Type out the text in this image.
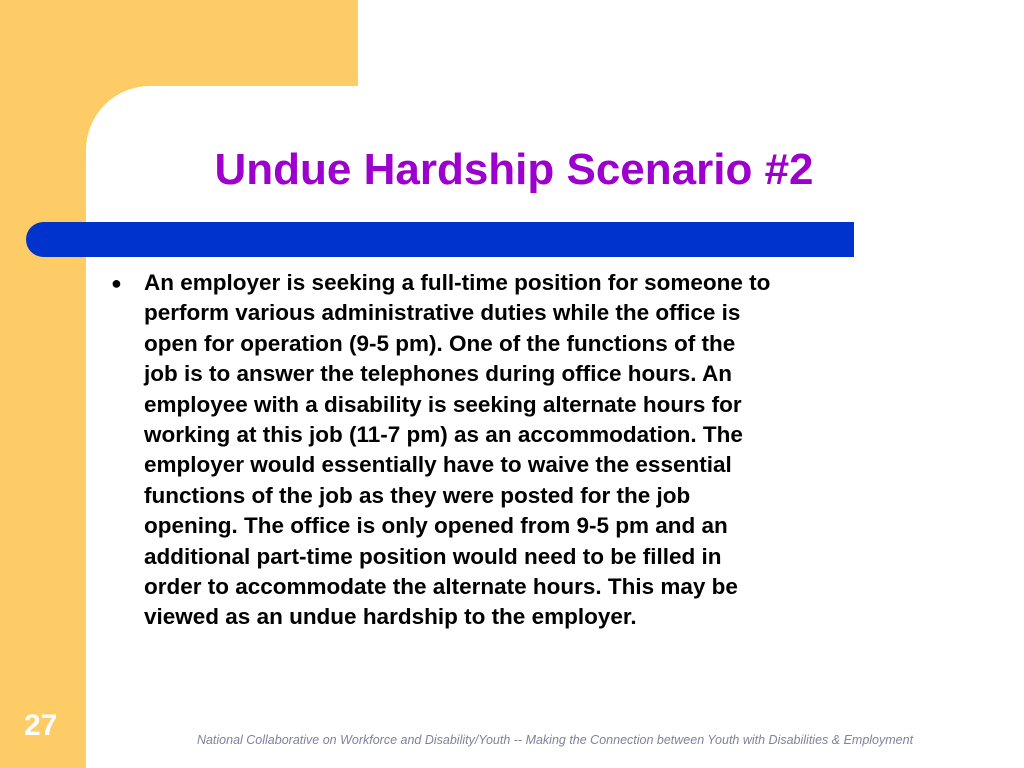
Undue Hardship Scenario #2
● An employer is seeking a full-time position for someone to
perform various administrative duties while the office is
open for operation (9-5 pm). One of the functions of the
job is to answer the telephones during office hours. An
employee with a disability is seeking alternate hours for
working at this job (11-7 pm) as an accommodation. The
employer would essentially have to waive the essential
functions of the job as they were posted for the job
opening. The office is only opened from 9-5 pm and an
additional part-time position would need to be filled in
order to accommodate the alternate hours. This may be
viewed as an undue hardship to the employer.
27	National Collaborative on Workforce and Disability/Youth -- Making the Connection between Youth with Disabilities & Employment
